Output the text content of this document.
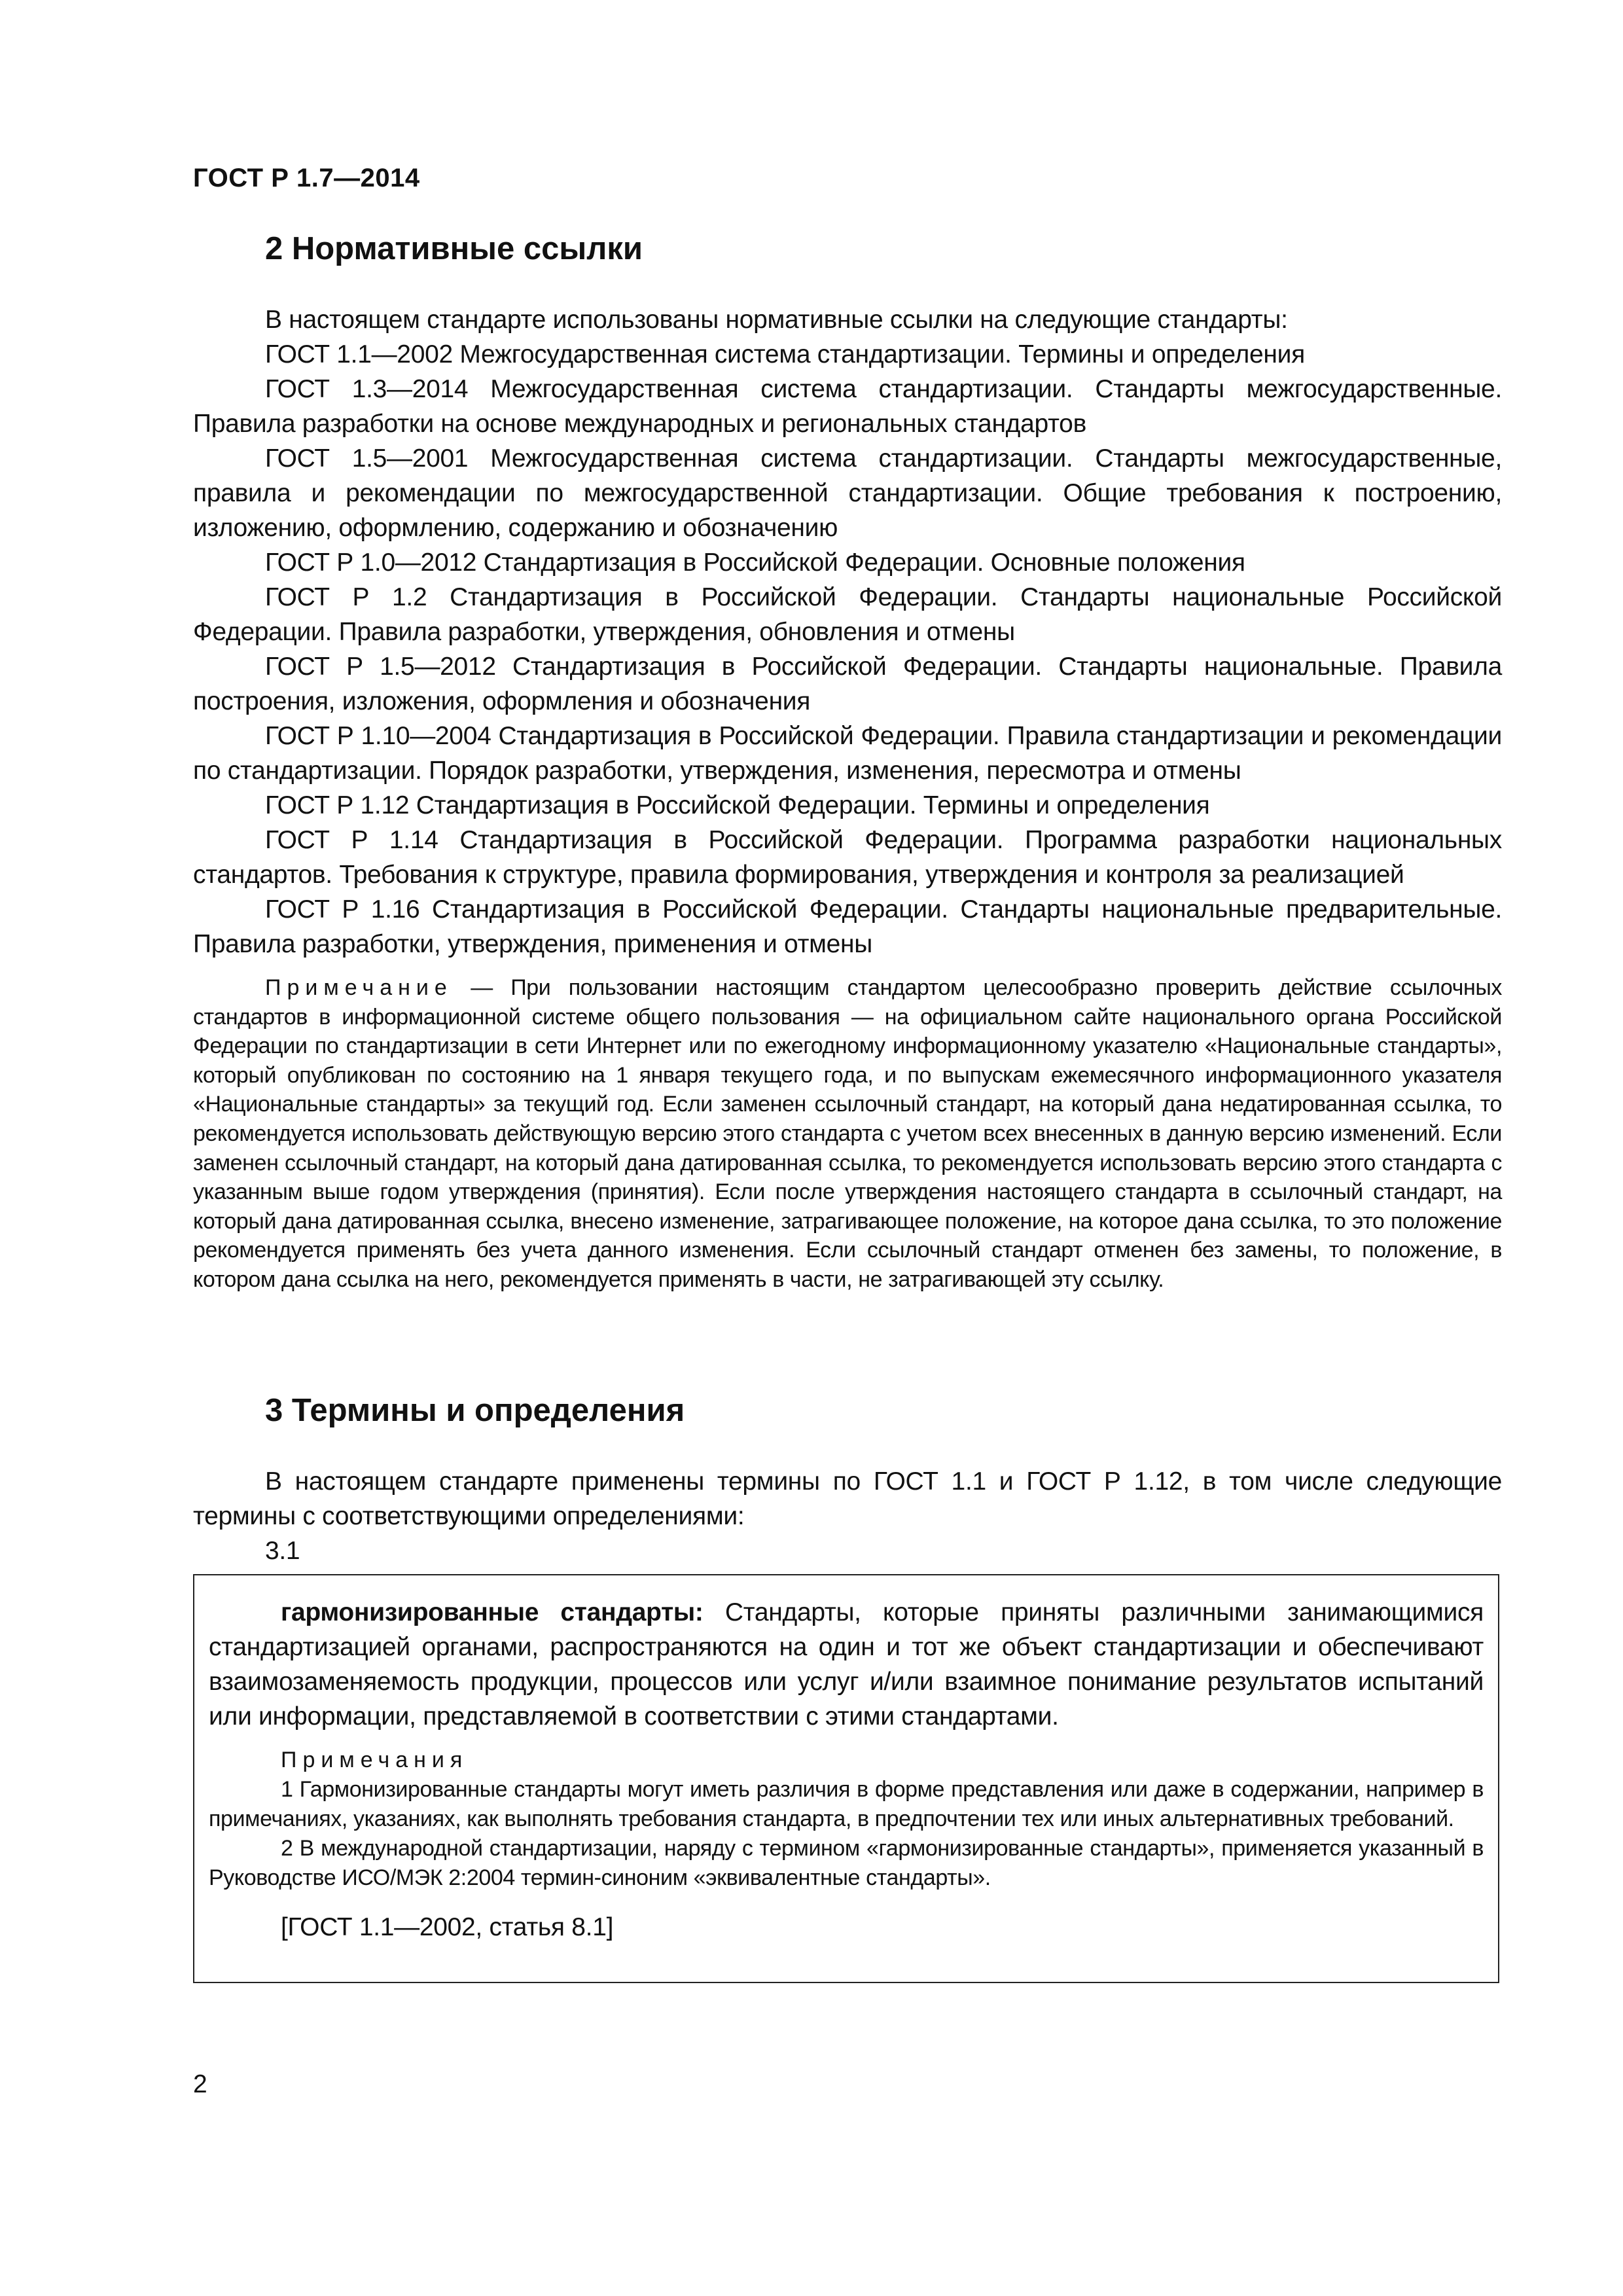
ГОСТ Р 1.7—2014

2 Нормативные ссылки

В настоящем стандарте использованы нормативные ссылки на следующие стандарты:

ГОСТ 1.1—2002 Межгосударственная система стандартизации. Термины и определения

ГОСТ 1.3—2014 Межгосударственная система стандартизации. Стандарты межгосударственные. Правила разработки на основе международных и региональных стандартов

ГОСТ 1.5—2001 Межгосударственная система стандартизации. Стандарты межгосударственные, правила и рекомендации по межгосударственной стандартизации. Общие требования к построению, изложению, оформлению, содержанию и обозначению

ГОСТ Р 1.0—2012 Стандартизация в Российской Федерации. Основные положения

ГОСТ Р 1.2 Стандартизация в Российской Федерации. Стандарты национальные Российской Федерации. Правила разработки, утверждения, обновления и отмены

ГОСТ Р 1.5—2012 Стандартизация в Российской Федерации. Стандарты национальные. Правила построения, изложения, оформления и обозначения

ГОСТ Р 1.10—2004 Стандартизация в Российской Федерации. Правила стандартизации и рекомендации по стандартизации. Порядок разработки, утверждения, изменения, пересмотра и отмены

ГОСТ Р 1.12 Стандартизация в Российской Федерации. Термины и определения

ГОСТ Р 1.14 Стандартизация в Российской Федерации. Программа разработки национальных стандартов. Требования к структуре, правила формирования, утверждения и контроля за реализацией

ГОСТ Р 1.16 Стандартизация в Российской Федерации. Стандарты национальные предварительные. Правила разработки, утверждения, применения и отмены

Примечание — При пользовании настоящим стандартом целесообразно проверить действие ссылочных стандартов в информационной системе общего пользования — на официальном сайте национального органа Российской Федерации по стандартизации в сети Интернет или по ежегодному информационному указателю «Национальные стандарты», который опубликован по состоянию на 1 января текущего года, и по выпускам ежемесячного информационного указателя «Национальные стандарты» за текущий год. Если заменен ссылочный стандарт, на который дана недатированная ссылка, то рекомендуется использовать действующую версию этого стандарта с учетом всех внесенных в данную версию изменений. Если заменен ссылочный стандарт, на который дана датированная ссылка, то рекомендуется использовать версию этого стандарта с указанным выше годом утверждения (принятия). Если после утверждения настоящего стандарта в ссылочный стандарт, на который дана датированная ссылка, внесено изменение, затрагивающее положение, на которое дана ссылка, то это положение рекомендуется применять без учета данного изменения. Если ссылочный стандарт отменен без замены, то положение, в котором дана ссылка на него, рекомендуется применять в части, не затрагивающей эту ссылку.

3 Термины и определения

В настоящем стандарте применены термины по ГОСТ 1.1 и ГОСТ Р 1.12, в том числе следующие термины с соответствующими определениями:

3.1

гармонизированные стандарты: Стандарты, которые приняты различными занимающимися стандартизацией органами, распространяются на один и тот же объект стандартизации и обеспечивают взаимозаменяемость продукции, процессов или услуг и/или взаимное понимание результатов испытаний или информации, представляемой в соответствии с этими стандартами.

Примечания

1 Гармонизированные стандарты могут иметь различия в форме представления или даже в содержании, например в примечаниях, указаниях, как выполнять требования стандарта, в предпочтении тех или иных альтернативных требований.

2 В международной стандартизации, наряду с термином «гармонизированные стандарты», применяется указанный в Руководстве ИСО/МЭК 2:2004 термин-синоним «эквивалентные стандарты».

[ГОСТ 1.1—2002, статья 8.1]

2
